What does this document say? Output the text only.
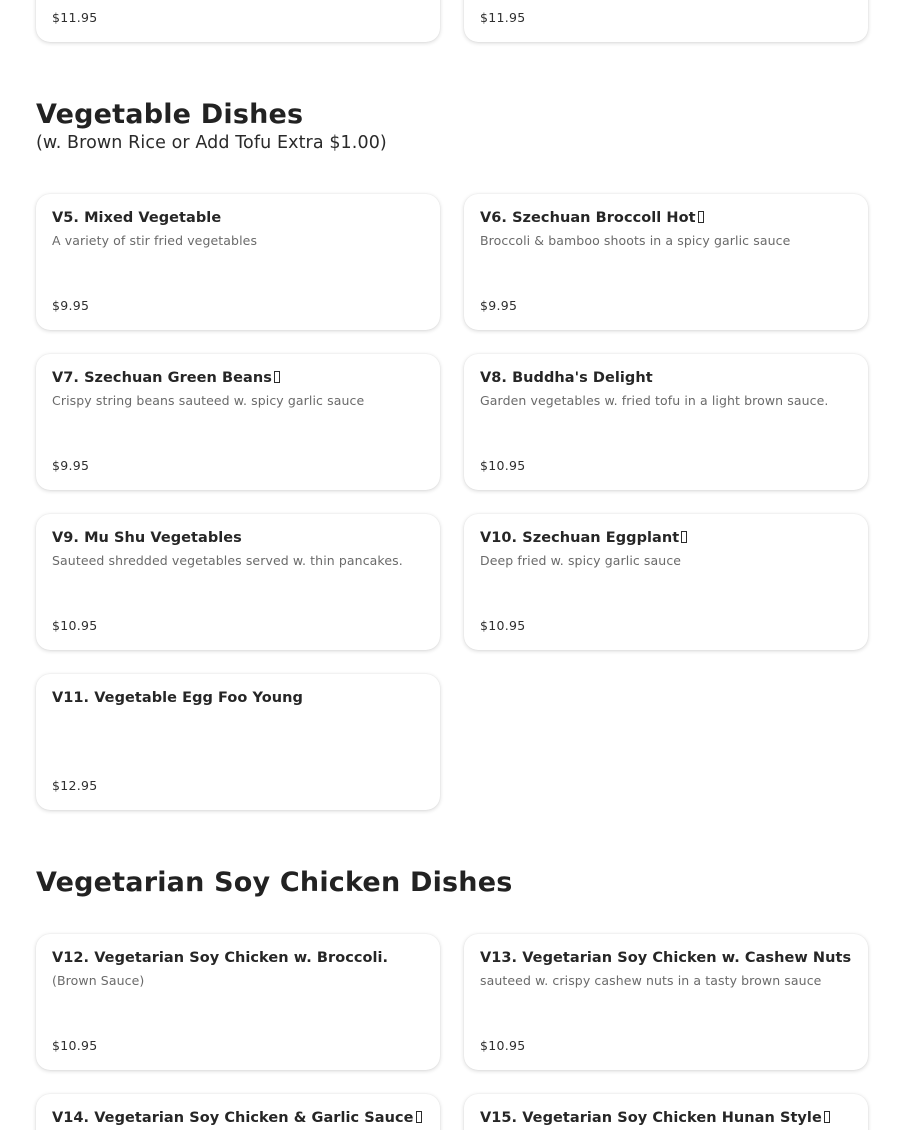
$11.95	$11.95
Vegetable Dishes
(w. Brown Rice or Add Tofu Extra $1.00)
V5. Mixed Vegetable
A variety of stir fried vegetables
$9.95
V6. Szechuan Broccoll Hot
Broccoli & bamboo shoots in a spicy garlic sauce
$9.95
V7. Szechuan Green Beans
Crispy string beans sauteed w. spicy garlic sauce
$9.95
V8. Buddha's Delight
Garden vegetables w. fried tofu in a light brown sauce.
$10.95
V9. Mu Shu Vegetables
Sauteed shredded vegetables served w. thin pancakes.
$10.95
V10. Szechuan Eggplant
Deep fried w. spicy garlic sauce
$10.95
V11. Vegetable Egg Foo Young
$12.95
Vegetarian Soy Chicken Dishes
V12. Vegetarian Soy Chicken w. Broccoli.
(Brown Sauce)
$10.95
V13. Vegetarian Soy Chicken w. Cashew Nuts
sauteed w. crispy cashew nuts in a tasty brown sauce
$10.95
V14. Vegetarian Soy Chicken & Garlic Sauce	V15. Vegetarian Soy Chicken Hunan Style
